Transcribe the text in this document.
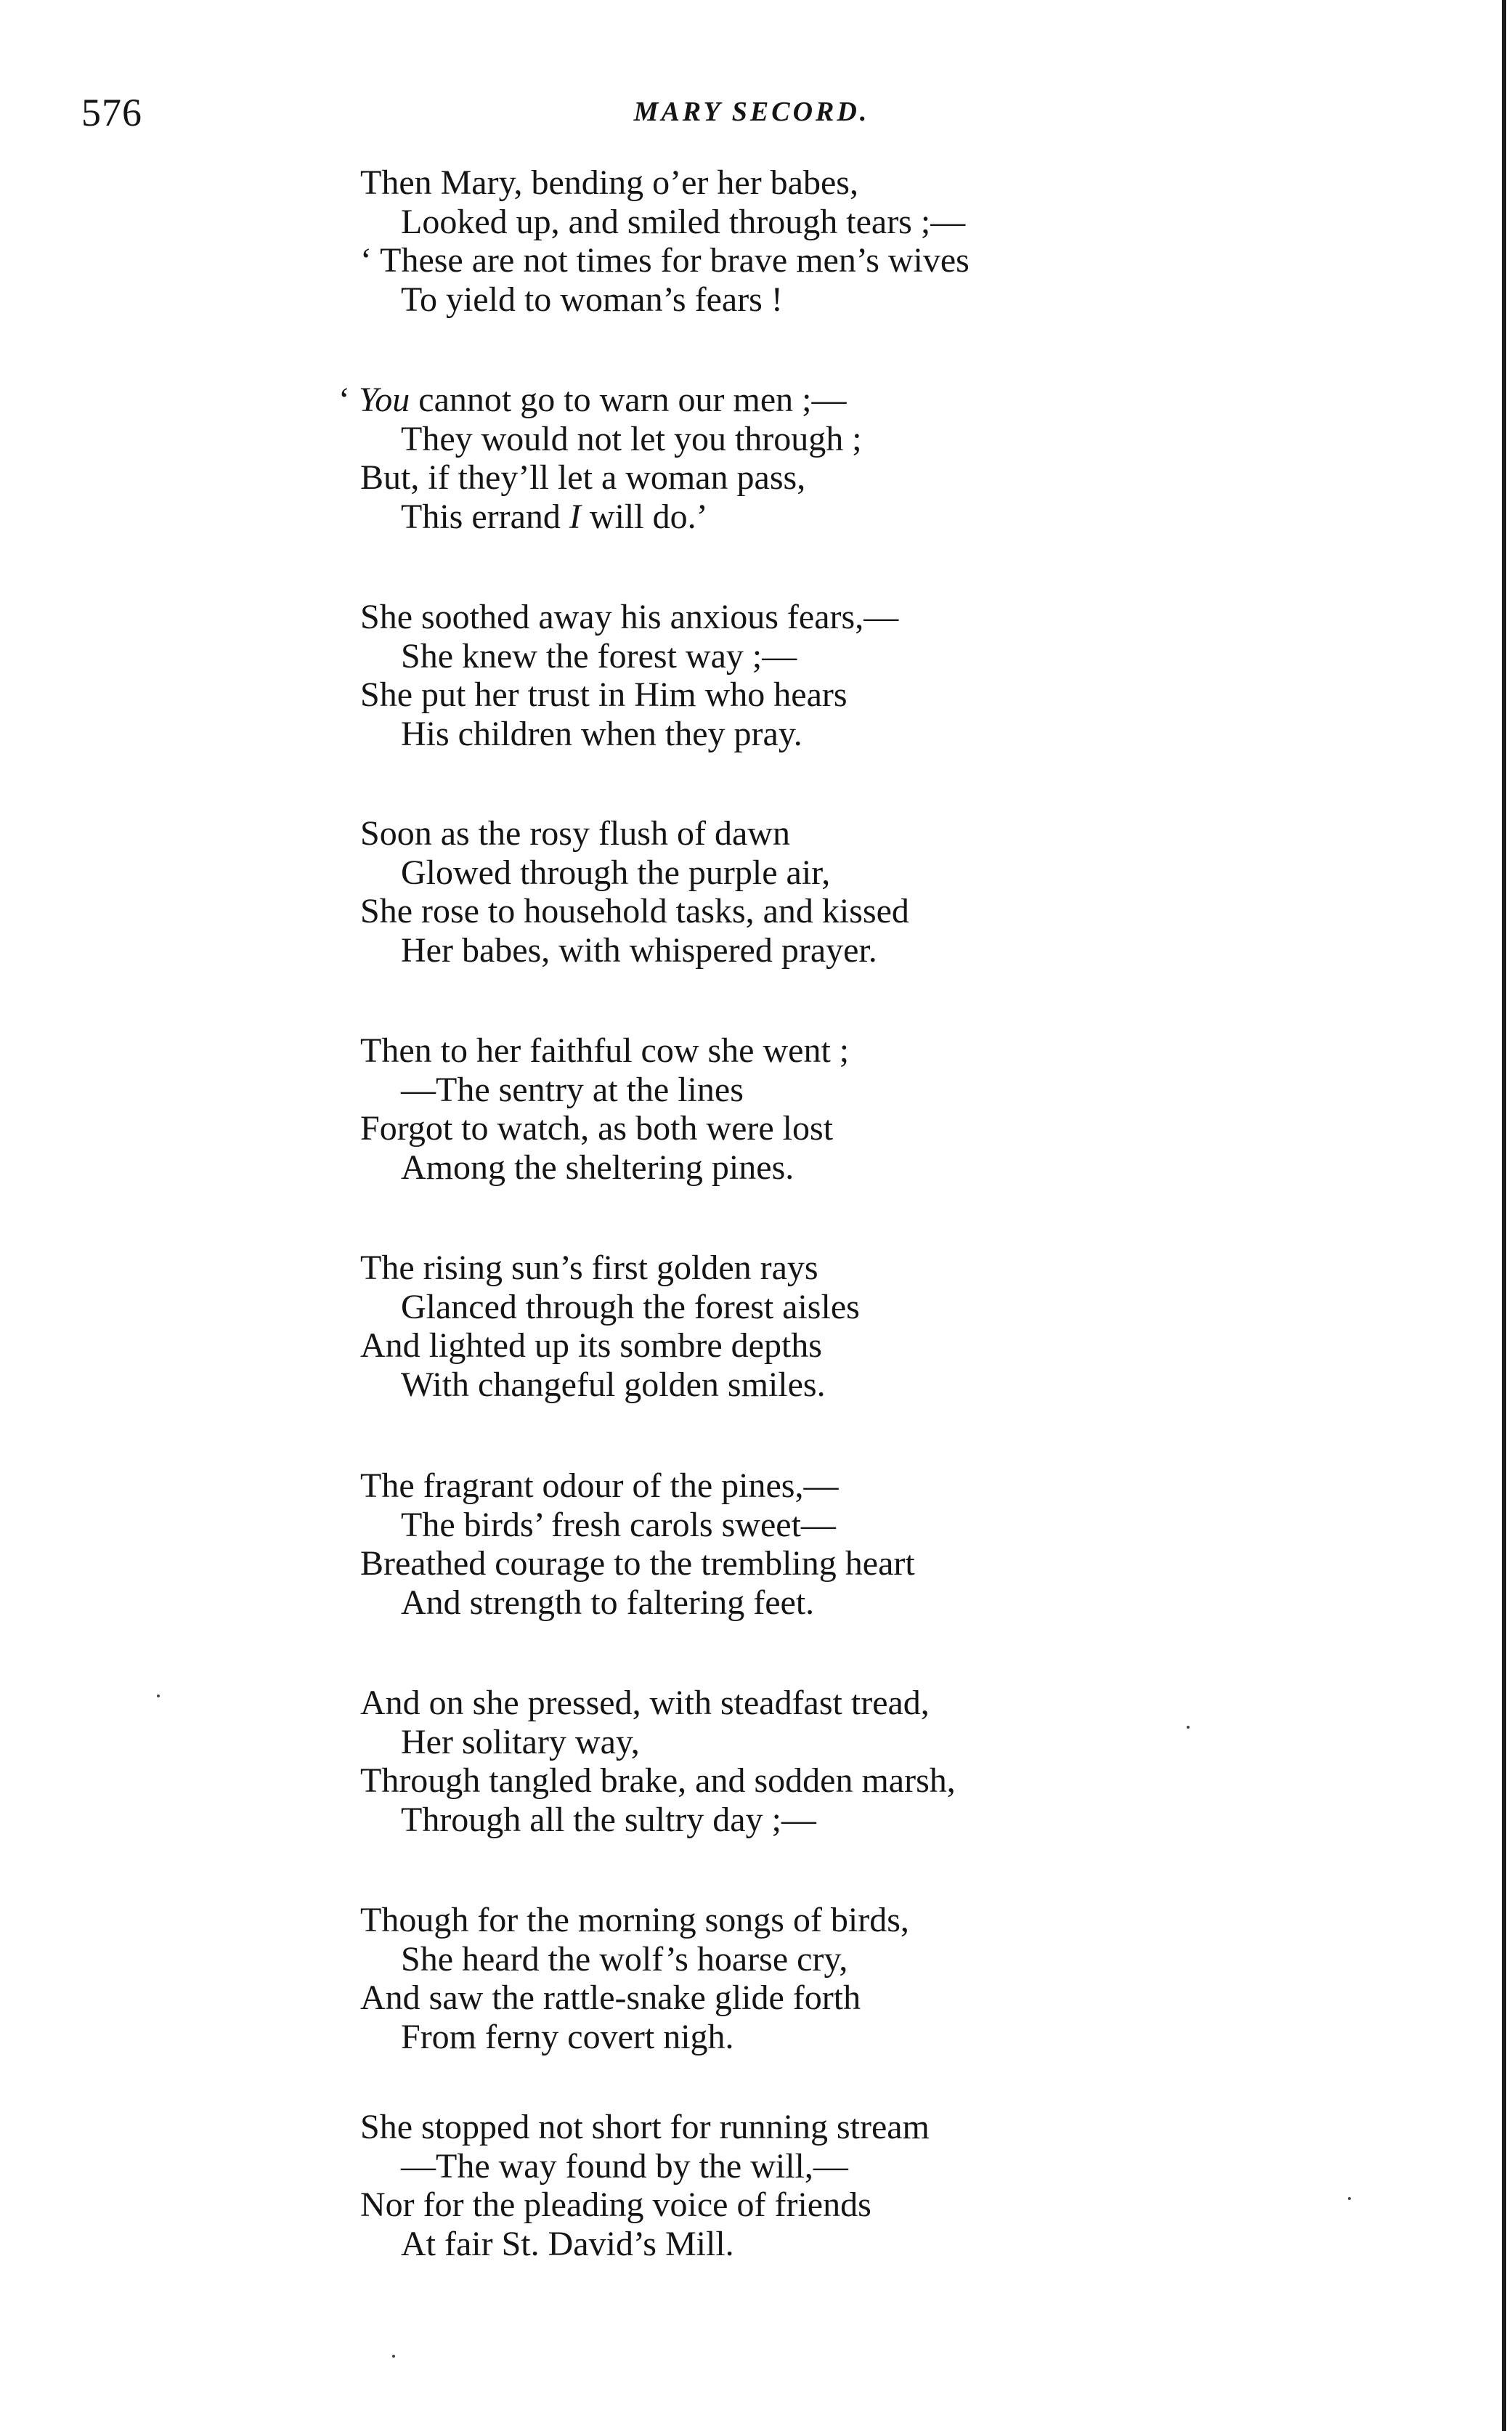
576	MARY SECORD.
Then Mary, bending o’er her babes,
Looked up, and smiled through tears ;—
‘ These are not times for brave men’s wives
To yield to woman’s fears !
‘ You cannot go to warn our men ;—
They would not let you through ;
But, if they’ll let a woman pass,
This errand I will do.’
She soothed away his anxious fears,—
She knew the forest way ;—
She put her trust in Him who hears
His children when they pray.
Soon as the rosy flush of dawn
Glowed through the purple air,
She rose to household tasks, and kissed
Her babes, with whispered prayer.
Then to her faithful cow she went ;
—The sentry at the lines
Forgot to watch, as both were lost
Among the sheltering pines.
The rising sun’s first golden rays
Glanced through the forest aisles
And lighted up its sombre depths
With changeful golden smiles.
The fragrant odour of the pines,—
The birds’ fresh carols sweet—
Breathed courage to the trembling heart
And strength to faltering feet.
And on she pressed, with steadfast tread,
Her solitary way,
Through tangled brake, and sodden marsh,
Through all the sultry day ;—
Though for the morning songs of birds,
She heard the wolf’s hoarse cry,
And saw the rattle-snake glide forth
From ferny covert nigh.
She stopped not short for running stream
—The way found by the will,—
Nor for the pleading voice of friends
At fair St. David’s Mill.
